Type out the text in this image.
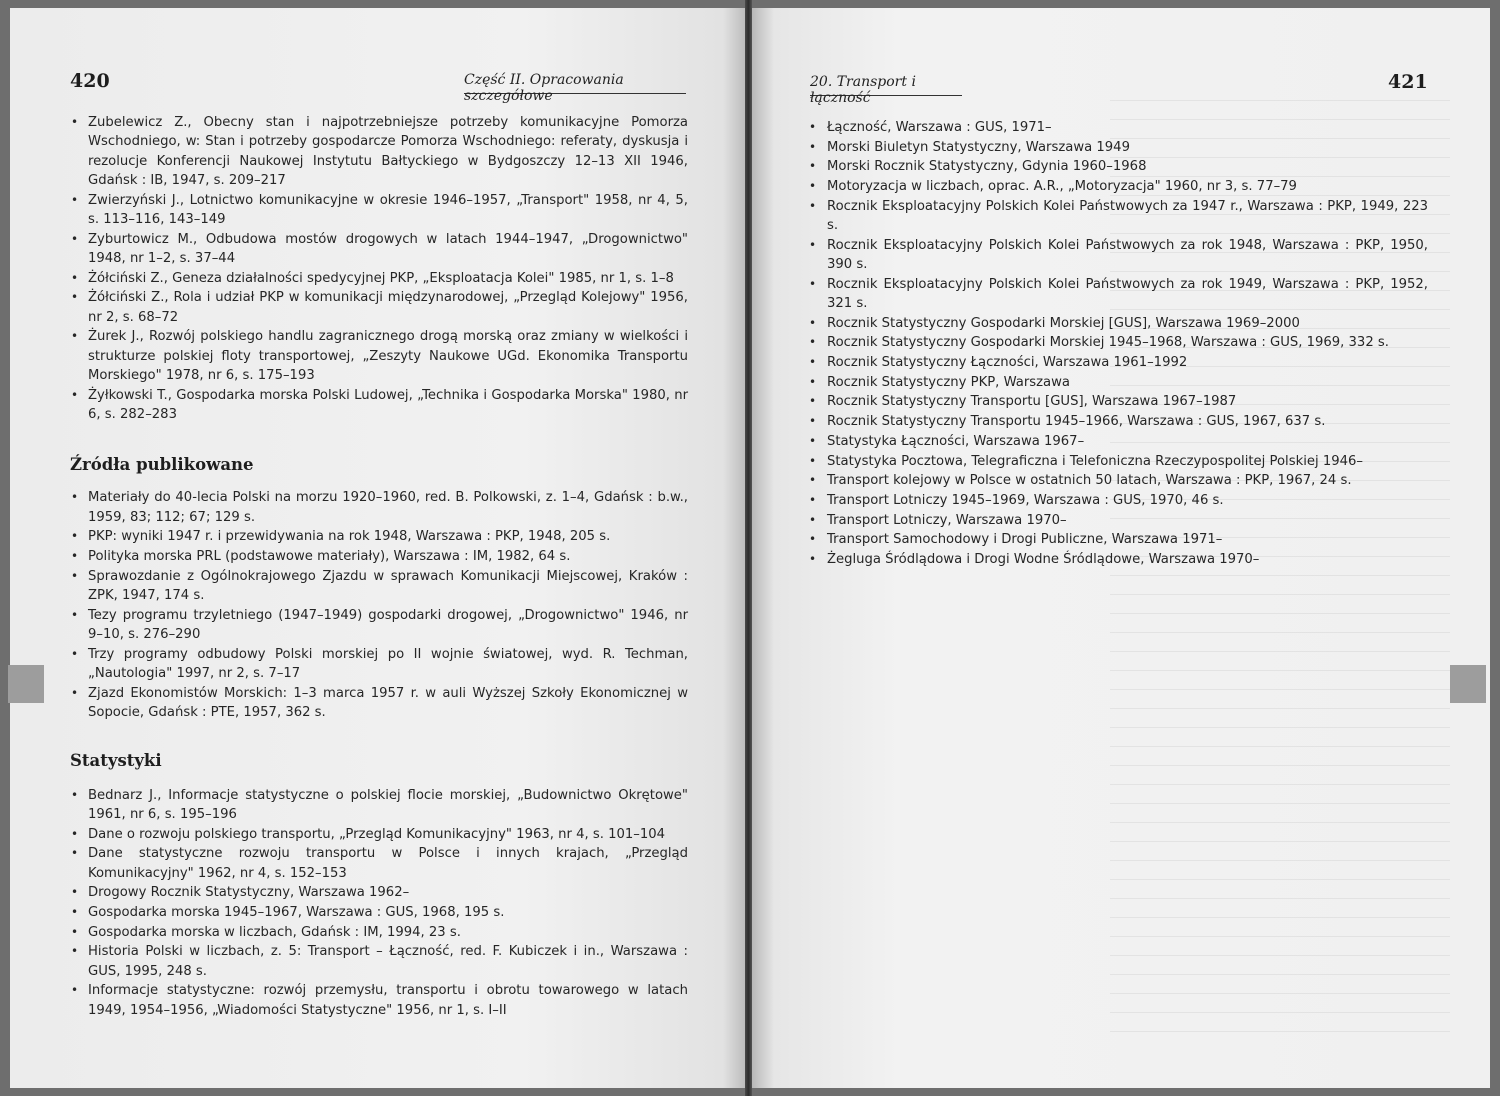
420	Część II. Opracowania szczegółowe
20. Transport i łączność
421
• Zubelewicz Z., Obecny stan i najpotrzebniejsze potrzeby komunikacyjne Pomorza Wschodniego, w: Stan i potrzeby gospodarcze Pomorza Wschodniego: referaty, dyskusja i rezolucje Konferencji Naukowej Instytutu Bałtyckiego w Bydgoszczy 12–13 XII 1946, Gdańsk : IB, 1947, s. 209–217
• Zwierzyński J., Lotnictwo komunikacyjne w okresie 1946–1957, „Transport" 1958, nr 4, 5, s. 113–116, 143–149
• Zyburtowicz M., Odbudowa mostów drogowych w latach 1944–1947, „Drogownictwo" 1948, nr 1–2, s. 37–44
• Żółciński Z., Geneza działalności spedycyjnej PKP, „Eksploatacja Kolei" 1985, nr 1, s. 1–8
• Żółciński Z., Rola i udział PKP w komunikacji międzynarodowej, „Przegląd Kolejowy" 1956, nr 2, s. 68–72
• Żurek J., Rozwój polskiego handlu zagranicznego drogą morską oraz zmiany w wielkości i strukturze polskiej floty transportowej, „Zeszyty Naukowe UGd. Ekonomika Transportu Morskiego" 1978, nr 6, s. 175–193
• Żyłkowski T., Gospodarka morska Polski Ludowej, „Technika i Gospodarka Morska" 1980, nr 6, s. 282–283
Źródła publikowane
• Materiały do 40-lecia Polski na morzu 1920–1960, red. B. Polkowski, z. 1–4, Gdańsk : b.w., 1959, 83; 112; 67; 129 s.
• PKP: wyniki 1947 r. i przewidywania na rok 1948, Warszawa : PKP, 1948, 205 s.
• Polityka morska PRL (podstawowe materiały), Warszawa : IM, 1982, 64 s.
• Sprawozdanie z Ogólnokrajowego Zjazdu w sprawach Komunikacji Miejscowej, Kraków : ZPK, 1947, 174 s.
• Tezy programu trzyletniego (1947–1949) gospodarki drogowej, „Drogownictwo" 1946, nr 9–10, s. 276–290
• Trzy programy odbudowy Polski morskiej po II wojnie światowej, wyd. R. Techman, „Nautologia" 1997, nr 2, s. 7–17
• Zjazd Ekonomistów Morskich: 1–3 marca 1957 r. w auli Wyższej Szkoły Ekonomicznej w Sopocie, Gdańsk : PTE, 1957, 362 s.
Statystyki
• Bednarz J., Informacje statystyczne o polskiej flocie morskiej, „Budownictwo Okrętowe" 1961, nr 6, s. 195–196
• Dane o rozwoju polskiego transportu, „Przegląd Komunikacyjny" 1963, nr 4, s. 101–104
• Dane statystyczne rozwoju transportu w Polsce i innych krajach, „Przegląd Komunikacyjny" 1962, nr 4, s. 152–153
• Drogowy Rocznik Statystyczny, Warszawa 1962–
• Gospodarka morska 1945–1967, Warszawa : GUS, 1968, 195 s.
• Gospodarka morska w liczbach, Gdańsk : IM, 1994, 23 s.
• Historia Polski w liczbach, z. 5: Transport – Łączność, red. F. Kubiczek i in., Warszawa : GUS, 1995, 248 s.
• Informacje statystyczne: rozwój przemysłu, transportu i obrotu towarowego w latach 1949, 1954–1956, „Wiadomości Statystyczne" 1956, nr 1, s. I–II
• Łączność, Warszawa : GUS, 1971–
• Morski Biuletyn Statystyczny, Warszawa 1949
• Morski Rocznik Statystyczny, Gdynia 1960–1968
• Motoryzacja w liczbach, oprac. A.R., „Motoryzacja" 1960, nr 3, s. 77–79
• Rocznik Eksploatacyjny Polskich Kolei Państwowych za 1947 r., Warszawa : PKP, 1949, 223 s.
• Rocznik Eksploatacyjny Polskich Kolei Państwowych za rok 1948, Warszawa : PKP, 1950, 390 s.
• Rocznik Eksploatacyjny Polskich Kolei Państwowych za rok 1949, Warszawa : PKP, 1952, 321 s.
• Rocznik Statystyczny Gospodarki Morskiej [GUS], Warszawa 1969–2000
• Rocznik Statystyczny Gospodarki Morskiej 1945–1968, Warszawa : GUS, 1969, 332 s.
• Rocznik Statystyczny Łączności, Warszawa 1961–1992
• Rocznik Statystyczny PKP, Warszawa
• Rocznik Statystyczny Transportu [GUS], Warszawa 1967–1987
• Rocznik Statystyczny Transportu 1945–1966, Warszawa : GUS, 1967, 637 s.
• Statystyka Łączności, Warszawa 1967–
• Statystyka Pocztowa, Telegraficzna i Telefoniczna Rzeczypospolitej Polskiej 1946–
• Transport kolejowy w Polsce w ostatnich 50 latach, Warszawa : PKP, 1967, 24 s.
• Transport Lotniczy 1945–1969, Warszawa : GUS, 1970, 46 s.
• Transport Lotniczy, Warszawa 1970–
• Transport Samochodowy i Drogi Publiczne, Warszawa 1971–
• Żegluga Śródlądowa i Drogi Wodne Śródlądowe, Warszawa 1970–
